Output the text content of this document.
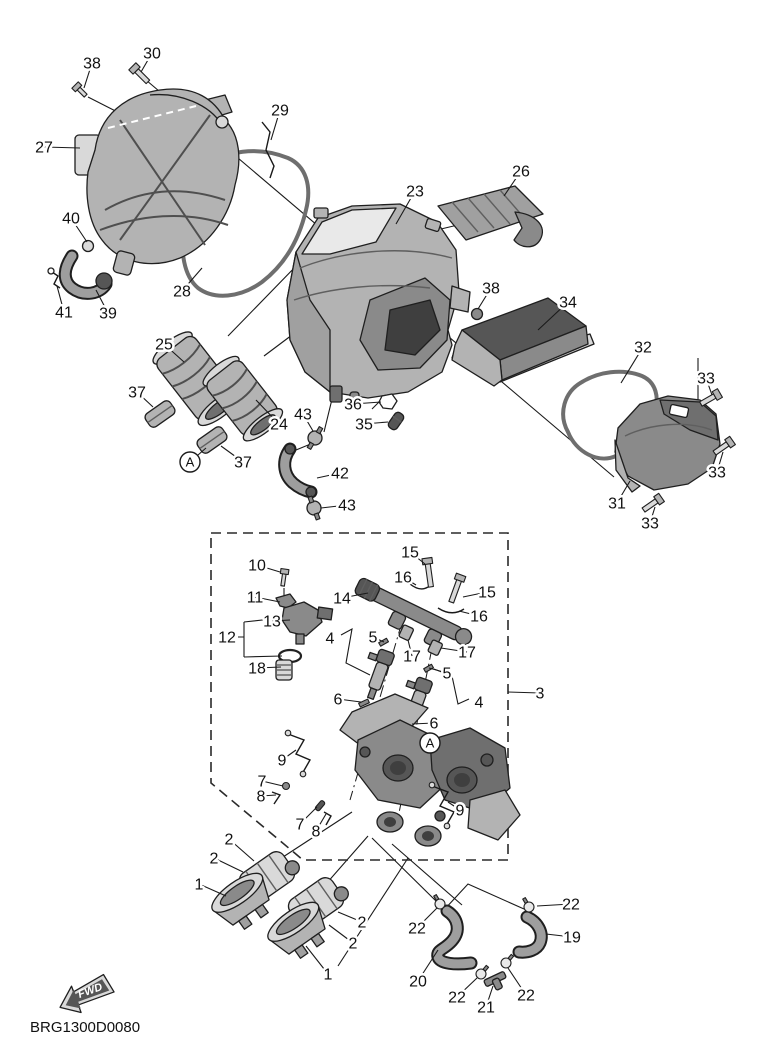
FWD
BRG1300D0080
38
30
27
29
40
41 39
28
23
26
38
34
32
33
33
31
33
25
37
24
43
36
35
42
43
37
A
10
11
13
12
18
14
15
16
15
16
4 5
17 17
5
4
6
6
A
9
7
8
7 8
9
3
2
2
1
2
2
1
22
22
19
20
22
21
22
